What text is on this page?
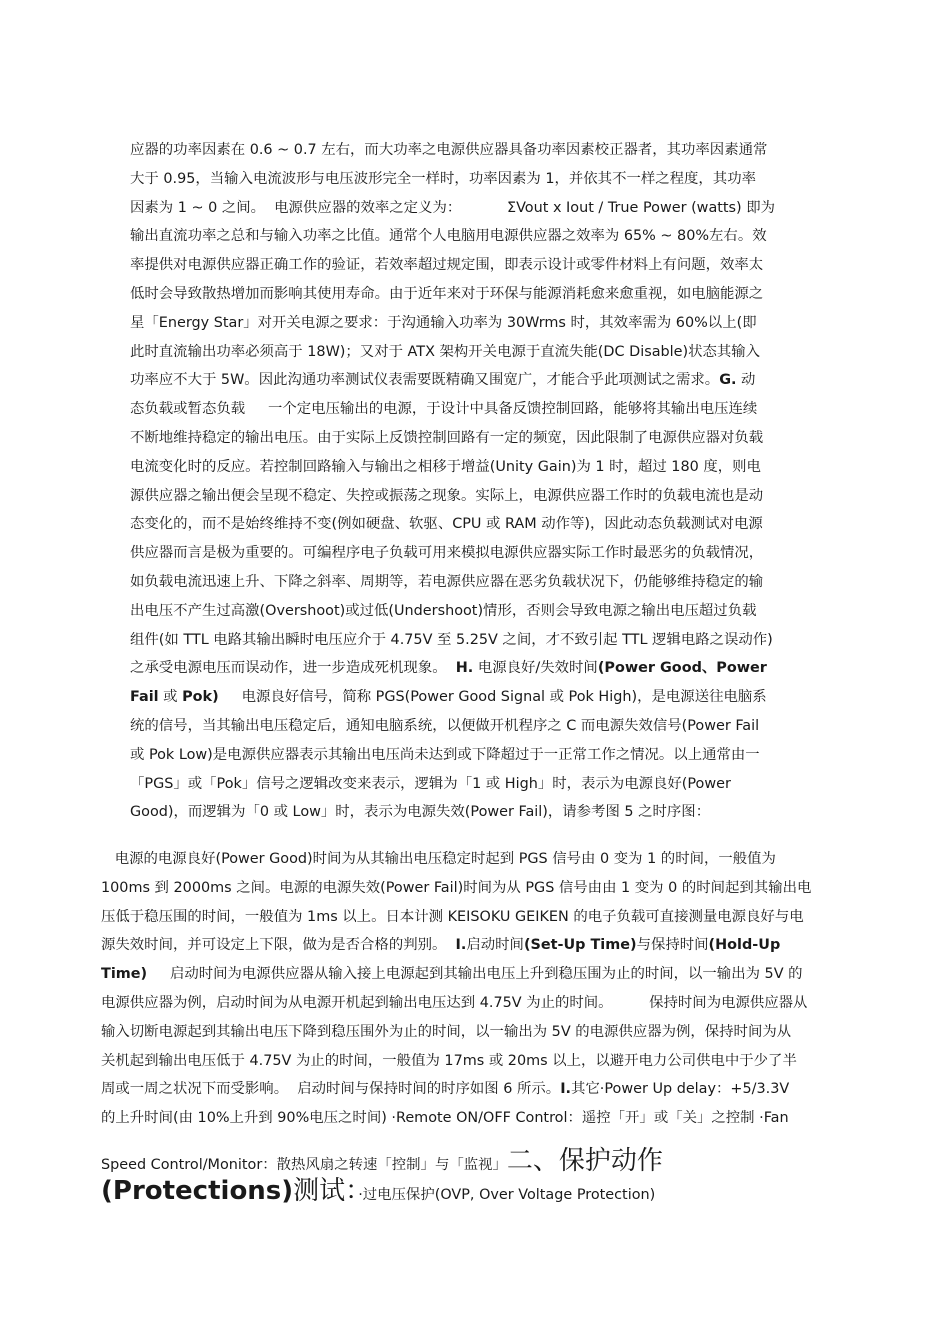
应器的功率因素在 0.6 ~ 0.7 左右，而大功率之电源供应器具备功率因素校正器者，其功率因素通常
大于 0.95，当输入电流波形与电压波形完全一样时，功率因素为 1，并依其不一样之程度，其功率
因素为 1 ~ 0 之间。  电源供应器的效率之定义为：          ΣVout x Iout / True Power (watts) 即为
输出直流功率之总和与输入功率之比值。通常个人电脑用电源供应器之效率为 65% ~ 80%左右。效
率提供对电源供应器正确工作的验证，若效率超过规定围，即表示设计或零件材料上有问题，效率太
低时会导致散热增加而影响其使用寿命。由于近年来对于环保与能源消耗愈来愈重视，如电脑能源之
星「Energy Star」对开关电源之要求：于沟通输入功率为 30Wrms 时，其效率需为 60%以上(即
此时直流输出功率必须高于 18W)；又对于 ATX 架构开关电源于直流失能(DC Disable)状态其输入
功率应不大于 5W。因此沟通功率测试仪表需要既精确又围宽广，才能合乎此项测试之需求。G. 动
态负载或暂态负载     一个定电压输出的电源，于设计中具备反馈控制回路，能够将其输出电压连续
不断地维持稳定的输出电压。由于实际上反馈控制回路有一定的频宽，因此限制了电源供应器对负载
电流变化时的反应。若控制回路输入与输出之相移于增益(Unity Gain)为 1 时，超过 180 度，则电
源供应器之输出便会呈现不稳定、失控或振荡之现象。实际上，电源供应器工作时的负载电流也是动
态变化的，而不是始终维持不变(例如硬盘、软驱、CPU 或 RAM 动作等)，因此动态负载测试对电源
供应器而言是极为重要的。可编程序电子负载可用来模拟电源供应器实际工作时最恶劣的负载情况，
如负载电流迅速上升、下降之斜率、周期等，若电源供应器在恶劣负载状况下，仍能够维持稳定的输
出电压不产生过高激(Overshoot)或过低(Undershoot)情形，否则会导致电源之输出电压超过负载
组件(如 TTL 电路其输出瞬时电压应介于 4.75V 至 5.25V 之间，才不致引起 TTL 逻辑电路之误动作)
之承受电源电压而误动作，进一步造成死机现象。  H. 电源良好/失效时间(Power Good、Power
Fail 或 Pok)     电源良好信号，简称 PGS(Power Good Signal 或 Pok High)，是电源送往电脑系
统的信号，当其输出电压稳定后，通知电脑系统，以便做开机程序之 C 而电源失效信号(Power Fail
或 Pok Low)是电源供应器表示其输出电压尚未达到或下降超过于一正常工作之情况。以上通常由一
「PGS」或「Pok」信号之逻辑改变来表示，逻辑为「1 或 High」时，表示为电源良好(Power
Good)，而逻辑为「0 或 Low」时，表示为电源失效(Power Fail)，请参考图 5 之时序图：
电源的电源良好(Power Good)时间为从其输出电压稳定时起到 PGS 信号由 0 变为 1 的时间，一般值为
100ms 到 2000ms 之间。电源的电源失效(Power Fail)时间为从 PGS 信号由由 1 变为 0 的时间起到其输出电
压低于稳压围的时间，一般值为 1ms 以上。日本计测 KEISOKU GEIKEN 的电子负载可直接测量电源良好与电
源失效时间，并可设定上下限，做为是否合格的判别。  I.启动时间(Set-Up Time)与保持时间(Hold-Up
Time)     启动时间为电源供应器从输入接上电源起到其输出电压上升到稳压围为止的时间，以一输出为 5V 的
电源供应器为例，启动时间为从电源开机起到输出电压达到 4.75V 为止的时间。        保持时间为电源供应器从
输入切断电源起到其输出电压下降到稳压围外为止的时间，以一输出为 5V 的电源供应器为例，保持时间为从
关机起到输出电压低于 4.75V 为止的时间，一般值为 17ms 或 20ms 以上，以避开电力公司供电中于少了半
周或一周之状况下而受影响。  启动时间与保持时间的时序如图 6 所示。I.其它·Power Up delay：+5/3.3V
的上升时间(由 10%上升到 90%电压之时间) ·Remote ON/OFF Control：遥控「开」或「关」之控制 ·Fan
Speed Control/Monitor：散热风扇之转速「控制」与「监视」二、保护动作
(Protections)测试：·过电压保护(OVP, Over Voltage Protection)
